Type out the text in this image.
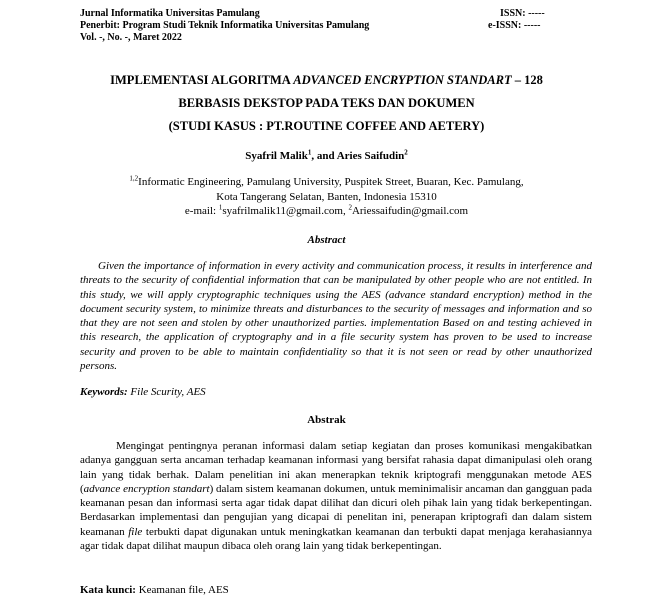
Jurnal Informatika Universitas Pamulang
Penerbit: Program Studi Teknik Informatika Universitas Pamulang
Vol. -, No. -, Maret 2022
ISSN: -----
e-ISSN: -----
IMPLEMENTASI ALGORITMA ADVANCED ENCRYPTION STANDART – 128
BERBASIS DEKSTOP PADA TEKS DAN DOKUMEN
(STUDI KASUS : PT.ROUTINE COFFEE AND AETERY)
Syafril Malik$^1$, and Aries Saifudin$^2$
$^{1,2}$Informatic Engineering, Pamulang University, Puspitek Street, Buaran, Kec. Pamulang,
Kota Tangerang Selatan, Banten, Indonesia 15310
e-mail: $^1$syafrilmalik11@gmail.com, $^2$Ariessaifudin@gmail.com
Abstract
Given the importance of information in every activity and communication process, it results in interference and threats to the security of confidential information that can be manipulated by other people who are not entitled. In this study, we will apply cryptographic techniques using the AES (advance standard encryption) method in the document security system, to minimize threats and disturbances to the security of messages and information and so that they are not seen and stolen by other unauthorized parties. implementation Based on and testing achieved in this research, the application of cryptography and in a file security system has proven to be used to increase security and proven to be able to maintain confidentiality so that it is not seen or read by other unauthorized persons.
Keywords: File Scurity, AES
Abstrak
Mengingat pentingnya peranan informasi dalam setiap kegiatan dan proses komunikasi mengakibatkan adanya gangguan serta ancaman terhadap keamanan informasi yang bersifat rahasia dapat dimanipulasi oleh orang lain yang tidak berhak. Dalam penelitian ini akan menerapkan teknik kriptografi menggunakan metode AES (advance encryption standart) dalam sistem keamanan dokumen, untuk meminimalisir ancaman dan gangguan pada keamanan pesan dan informasi serta agar tidak dapat dilihat dan dicuri oleh pihak lain yang tidak berkepentingan. Berdasarkan implementasi dan pengujian yang dicapai di penelitan ini, penerapan kriptografi dan dalam sistem keamanan file terbukti dapat digunakan untuk meningkatkan keamanan dan terbukti dapat menjaga kerahasiannya agar tidak dapat dilihat maupun dibaca oleh orang lain yang tidak berkepentingan.
Kata kunci: Keamanan file, AES
